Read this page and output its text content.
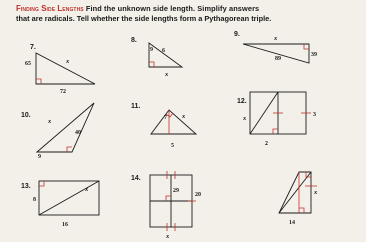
Finding Side Lengths Find the unknown side length. Simplify answers
that are radicals. Tell whether the side lengths form a Pythagorean triple.
7.
65	x
72
8.
9 6
x
9.
x
39
89
10.
x
40
9
11.
7 x
5
12.
x	3
2
13.
8
x
16
14.
29
20
x
x
14
